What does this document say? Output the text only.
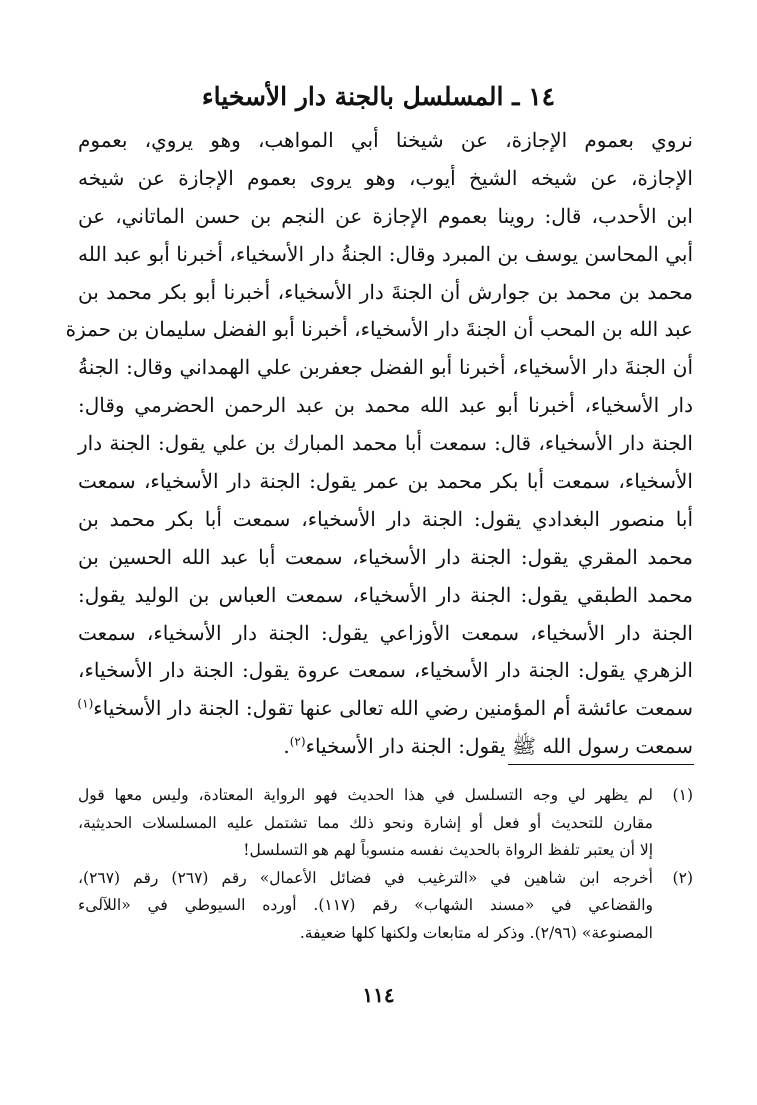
١٤ ـ المسلسل بالجنة دار الأسخياء
نروي بعموم الإجازة، عن شيخنا أبي المواهب، وهو يروي، بعموم
الإجازة، عن شيخه الشيخ أيوب، وهو يروى بعموم الإجازة عن شيخه
ابن الأحدب، قال: روينا بعموم الإجازة عن النجم بن حسن الماتاني، عن
أبي المحاسن يوسف بن المبرد وقال: الجنةُ دار الأسخياء، أخبرنا أبو عبد الله
محمد بن محمد بن جوارش أن الجنةَ دار الأسخياء، أخبرنا أبو بكر محمد بن
عبد الله بن المحب أن الجنةَ دار الأسخياء، أخبرنا أبو الفضل سليمان بن حمزة
أن الجنةَ دار الأسخياء، أخبرنا أبو الفضل جعفربن علي الهمداني وقال: الجنةُ
دار الأسخياء، أخبرنا أبو عبد الله محمد بن عبد الرحمن الحضرمي وقال:
الجنة دار الأسخياء، قال: سمعت أبا محمد المبارك بن علي يقول: الجنة دار
الأسخياء، سمعت أبا بكر محمد بن عمر يقول: الجنة دار الأسخياء، سمعت
أبا منصور البغدادي يقول: الجنة دار الأسخياء، سمعت أبا بكر محمد بن
محمد المقري يقول: الجنة دار الأسخياء، سمعت أبا عبد الله الحسين بن
محمد الطبقي يقول: الجنة دار الأسخياء، سمعت العباس بن الوليد يقول:
الجنة دار الأسخياء، سمعت الأوزاعي يقول: الجنة دار الأسخياء، سمعت
الزهري يقول: الجنة دار الأسخياء، سمعت عروة يقول: الجنة دار الأسخياء،
سمعت عائشة أم المؤمنين رضي الله تعالى عنها تقول: الجنة دار الأسخياء$^{(١)}$
سمعت رسول الله ﷺ يقول: الجنة دار الأسخياء$^{(٢)}$.
(١)
لم يظهر لي وجه التسلسل في هذا الحديث فهو الرواية المعتادة، وليس معها قول
مقارن للتحديث أو فعل أو إشارة ونحو ذلك مما تشتمل عليه المسلسلات الحديثية،
إلا أن يعتبر تلفظ الرواة بالحديث نفسه منسوباً لهم هو التسلسل!
(٢)
أخرجه ابن شاهين في «الترغيب في فضائل الأعمال» رقم (٢٦٧) رقم (٢٦٧)،
والقضاعي في «مسند الشهاب» رقم (١١٧). أورده السيوطي في «اللآلىء
المصنوعة» (٢/٩٦). وذكر له متابعات ولكنها كلها ضعيفة.
١١٤
